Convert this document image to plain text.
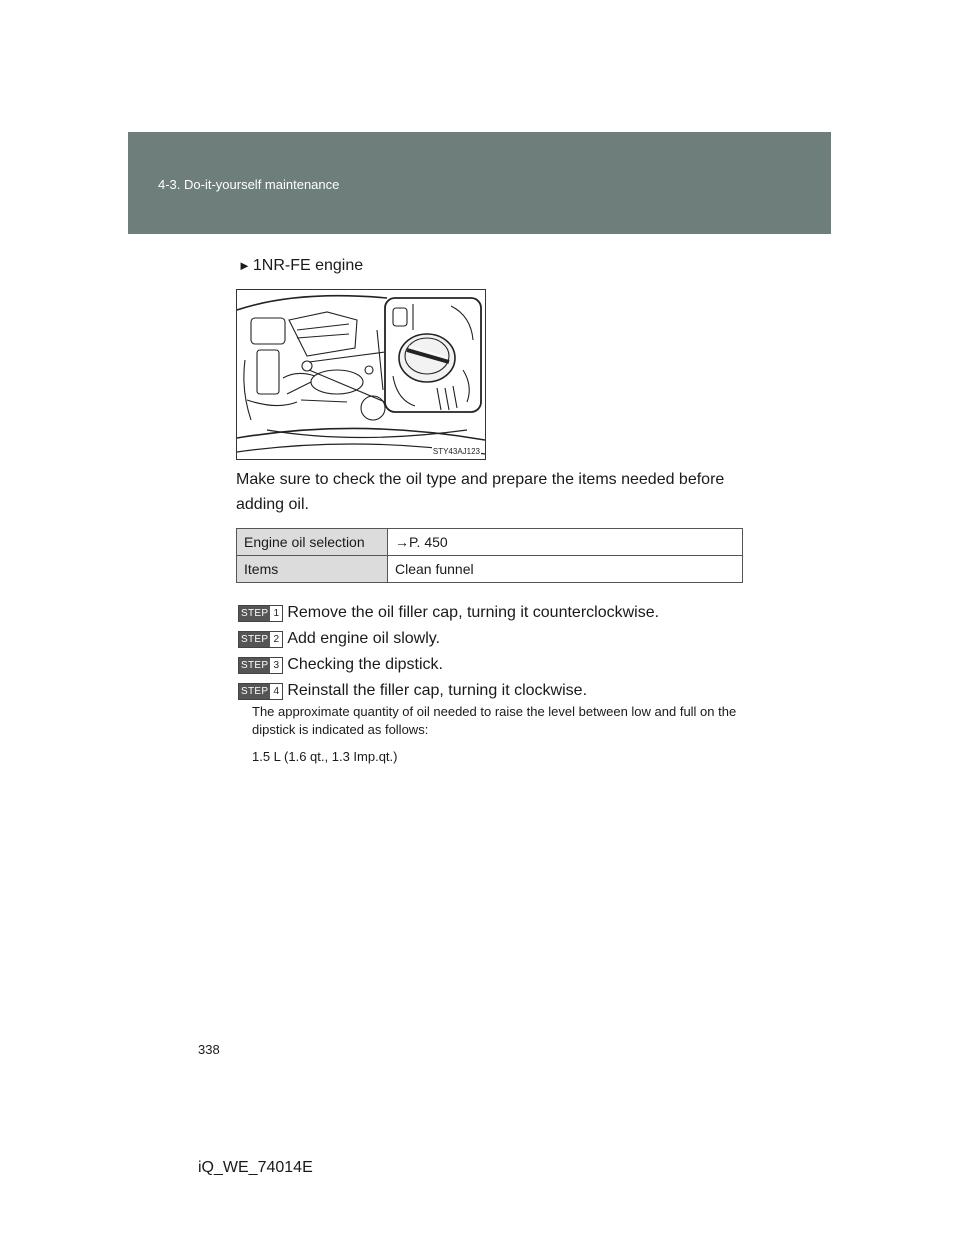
4-3. Do-it-yourself maintenance
► 1NR-FE engine
STY43AJ123
Make sure to check the oil type and prepare the items needed before adding oil.
Engine oil selection	→P. 450
Items	Clean funnel
STEP 1 Remove the oil filler cap, turning it counterclockwise.
STEP 2 Add engine oil slowly.
STEP 3 Checking the dipstick.
STEP 4 Reinstall the filler cap, turning it clockwise.

The approximate quantity of oil needed to raise the level between low and full on the dipstick is indicated as follows:

1.5 L (1.6 qt., 1.3 Imp.qt.)

338
iQ_WE_74014E
